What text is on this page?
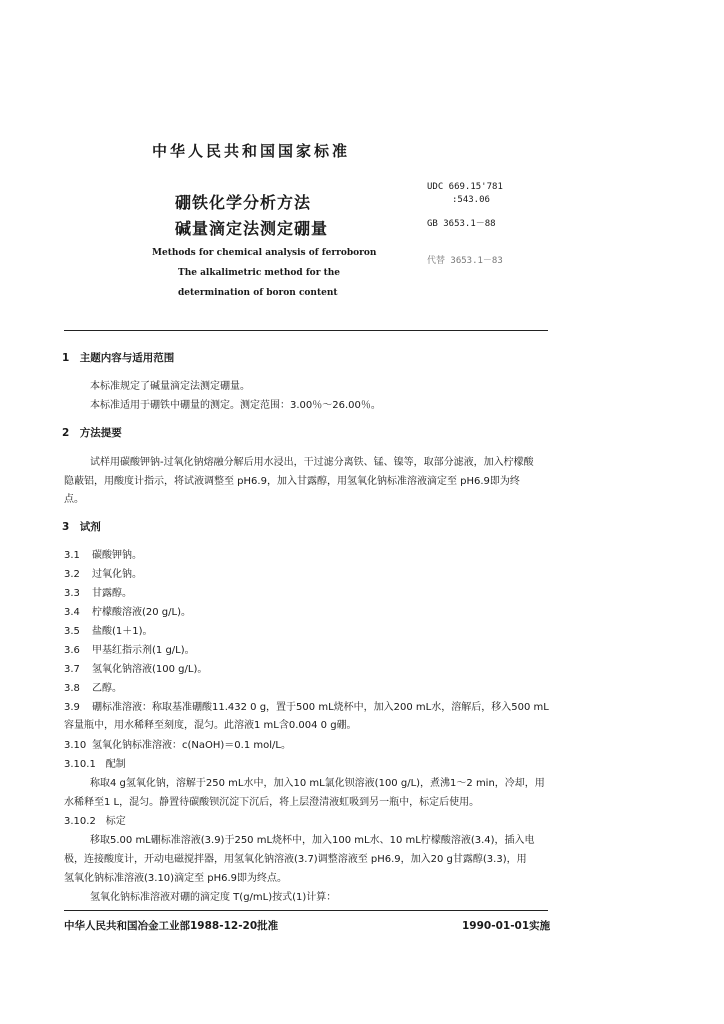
中华人民共和国国家标准
硼铁化学分析方法
碱量滴定法测定硼量
Methods for chemical analysis of ferroboron
The alkalimetric method for the
determination of boron content
UDC 669.15'781
:543.06
GB 3653.1－88
代替 3653.1－83
1　主题内容与适用范围
本标准规定了碱量滴定法测定硼量。
本标准适用于硼铁中硼量的测定。测定范围：3.00％～26.00％。
2　方法提要
试样用碳酸钾钠-过氧化钠熔融分解后用水浸出，干过滤分离铁、锰、镍等，取部分滤液，加入柠檬酸
隐蔽铝，用酸度计指示，将试液调整至 pH6.9，加入甘露醇，用氢氧化钠标准溶液滴定至 pH6.9即为终
点。
3　试剂
3.1 碳酸钾钠。
3.2 过氧化钠。
3.3 甘露醇。
3.4 柠檬酸溶液(20 g/L)。
3.5 盐酸(1＋1)。
3.6 甲基红指示剂(1 g/L)。
3.7 氢氧化钠溶液(100 g/L)。
3.8 乙醇。
3.9 硼标准溶液：称取基准硼酸11.432 0 g，置于500 mL烧杯中，加入200 mL水，溶解后，移入500 mL
容量瓶中，用水稀释至刻度，混匀。此溶液1 mL含0.004 0 g硼。
3.10 氢氧化钠标准溶液：c(NaOH)＝0.1 mol/L。
3.10.1　配制
称取4 g氢氧化钠，溶解于250 mL水中，加入10 mL氯化钡溶液(100 g/L)，煮沸1～2 min，冷却，用
水稀释至1 L，混匀。静置待碳酸钡沉淀下沉后，将上层澄清液虹吸到另一瓶中，标定后使用。
3.10.2　标定
移取5.00 mL硼标准溶液(3.9)于250 mL烧杯中，加入100 mL水、10 mL柠檬酸溶液(3.4)，插入电
极，连接酸度计，开动电磁搅拌器，用氢氧化钠溶液(3.7)调整溶液至 pH6.9，加入20 g甘露醇(3.3)，用
氢氧化钠标准溶液(3.10)滴定至 pH6.9即为终点。
氢氧化钠标准溶液对硼的滴定度 T(g/mL)按式(1)计算：
中华人民共和国冶金工业部1988-12-20批准	1990-01-01实施
